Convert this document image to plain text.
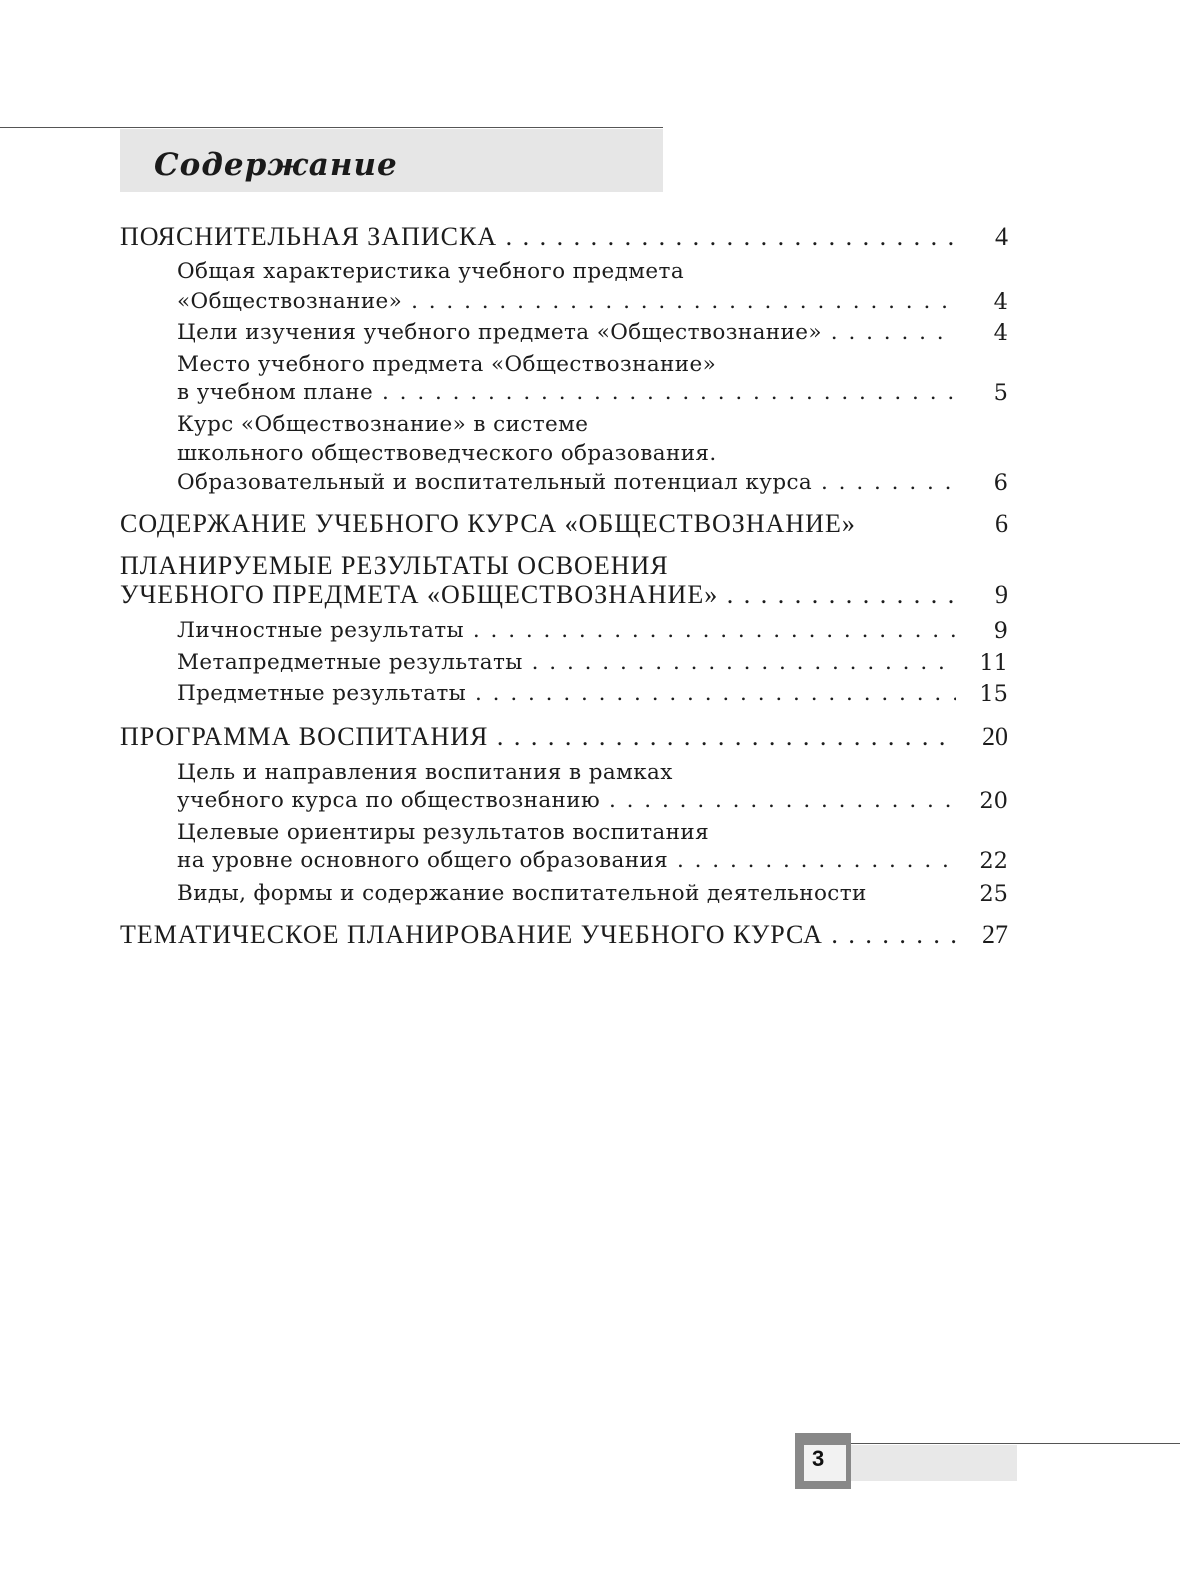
Содержание
ПОЯСНИТЕЛЬНАЯ ЗАПИСКА . . .	4
Общая характеристика учебного предмета
«Обществознание» . . .	4
Цели изучения учебного предмета «Обществознание» . . .	4
Место учебного предмета «Обществознание»
в учебном плане . . .	5
Курс «Обществознание» в системе
школьного обществоведческого образования.
Образовательный и воспитательный потенциал курса . . .	6
СОДЕРЖАНИЕ УЧЕБНОГО КУРСА «ОБЩЕСТВОЗНАНИЕ»	6
ПЛАНИРУЕМЫЕ РЕЗУЛЬТАТЫ ОСВОЕНИЯ
УЧЕБНОГО ПРЕДМЕТА «ОБЩЕСТВОЗНАНИЕ» . . .	9
Личностные результаты . . .	9
Метапредметные результаты . . .	11
Предметные результаты . . .	15
ПРОГРАММА ВОСПИТАНИЯ . . .	20
Цель и направления воспитания в рамках
учебного курса по обществознанию . . .	20
Целевые ориентиры результатов воспитания
на уровне основного общего образования . . .	22
Виды, формы и содержание воспитательной деятельности	25
ТЕМАТИЧЕСКОЕ ПЛАНИРОВАНИЕ УЧЕБНОГО КУРСА . . .	27
3
